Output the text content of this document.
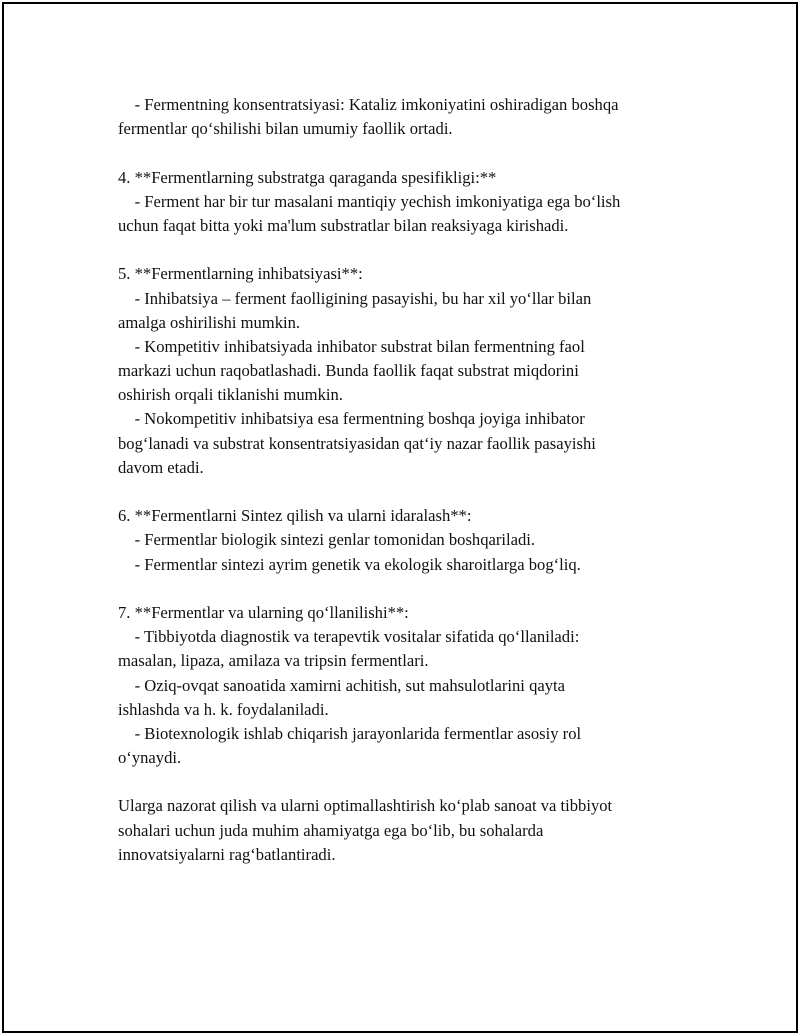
- Fermentning konsentratsiyasi: Kataliz imkoniyatini oshiradigan boshqa
fermentlar qo‘shilishi bilan umumiy faollik ortadi.
4. **Fermentlarning substratga qaraganda spesifikligi:**
- Ferment har bir tur masalani mantiqiy yechish imkoniyatiga ega bo‘lish
uchun faqat bitta yoki ma'lum substratlar bilan reaksiyaga kirishadi.
5. **Fermentlarning inhibatsiyasi**:
- Inhibatsiya – ferment faolligining pasayishi, bu har xil yo‘llar bilan
amalga oshirilishi mumkin.
- Kompetitiv inhibatsiyada inhibator substrat bilan fermentning faol
markazi uchun raqobatlashadi. Bunda faollik faqat substrat miqdorini
oshirish orqali tiklanishi mumkin.
- Nokompetitiv inhibatsiya esa fermentning boshqa joyiga inhibator
bog‘lanadi va substrat konsentratsiyasidan qat‘iy nazar faollik pasayishi
davom etadi.
6. **Fermentlarni Sintez qilish va ularni idaralash**:
- Fermentlar biologik sintezi genlar tomonidan boshqariladi.
- Fermentlar sintezi ayrim genetik va ekologik sharoitlarga bog‘liq.
7. **Fermentlar va ularning qo‘llanilishi**:
- Tibbiyotda diagnostik va terapevtik vositalar sifatida qo‘llaniladi:
masalan, lipaza, amilaza va tripsin fermentlari.
- Oziq-ovqat sanoatida xamirni achitish, sut mahsulotlarini qayta
ishlashda va h. k. foydalaniladi.
- Biotexnologik ishlab chiqarish jarayonlarida fermentlar asosiy rol
o‘ynaydi.
Ularga nazorat qilish va ularni optimallashtirish ko‘plab sanoat va tibbiyot
sohalari uchun juda muhim ahamiyatga ega bo‘lib, bu sohalarda
innovatsiyalarni rag‘batlantiradi.
